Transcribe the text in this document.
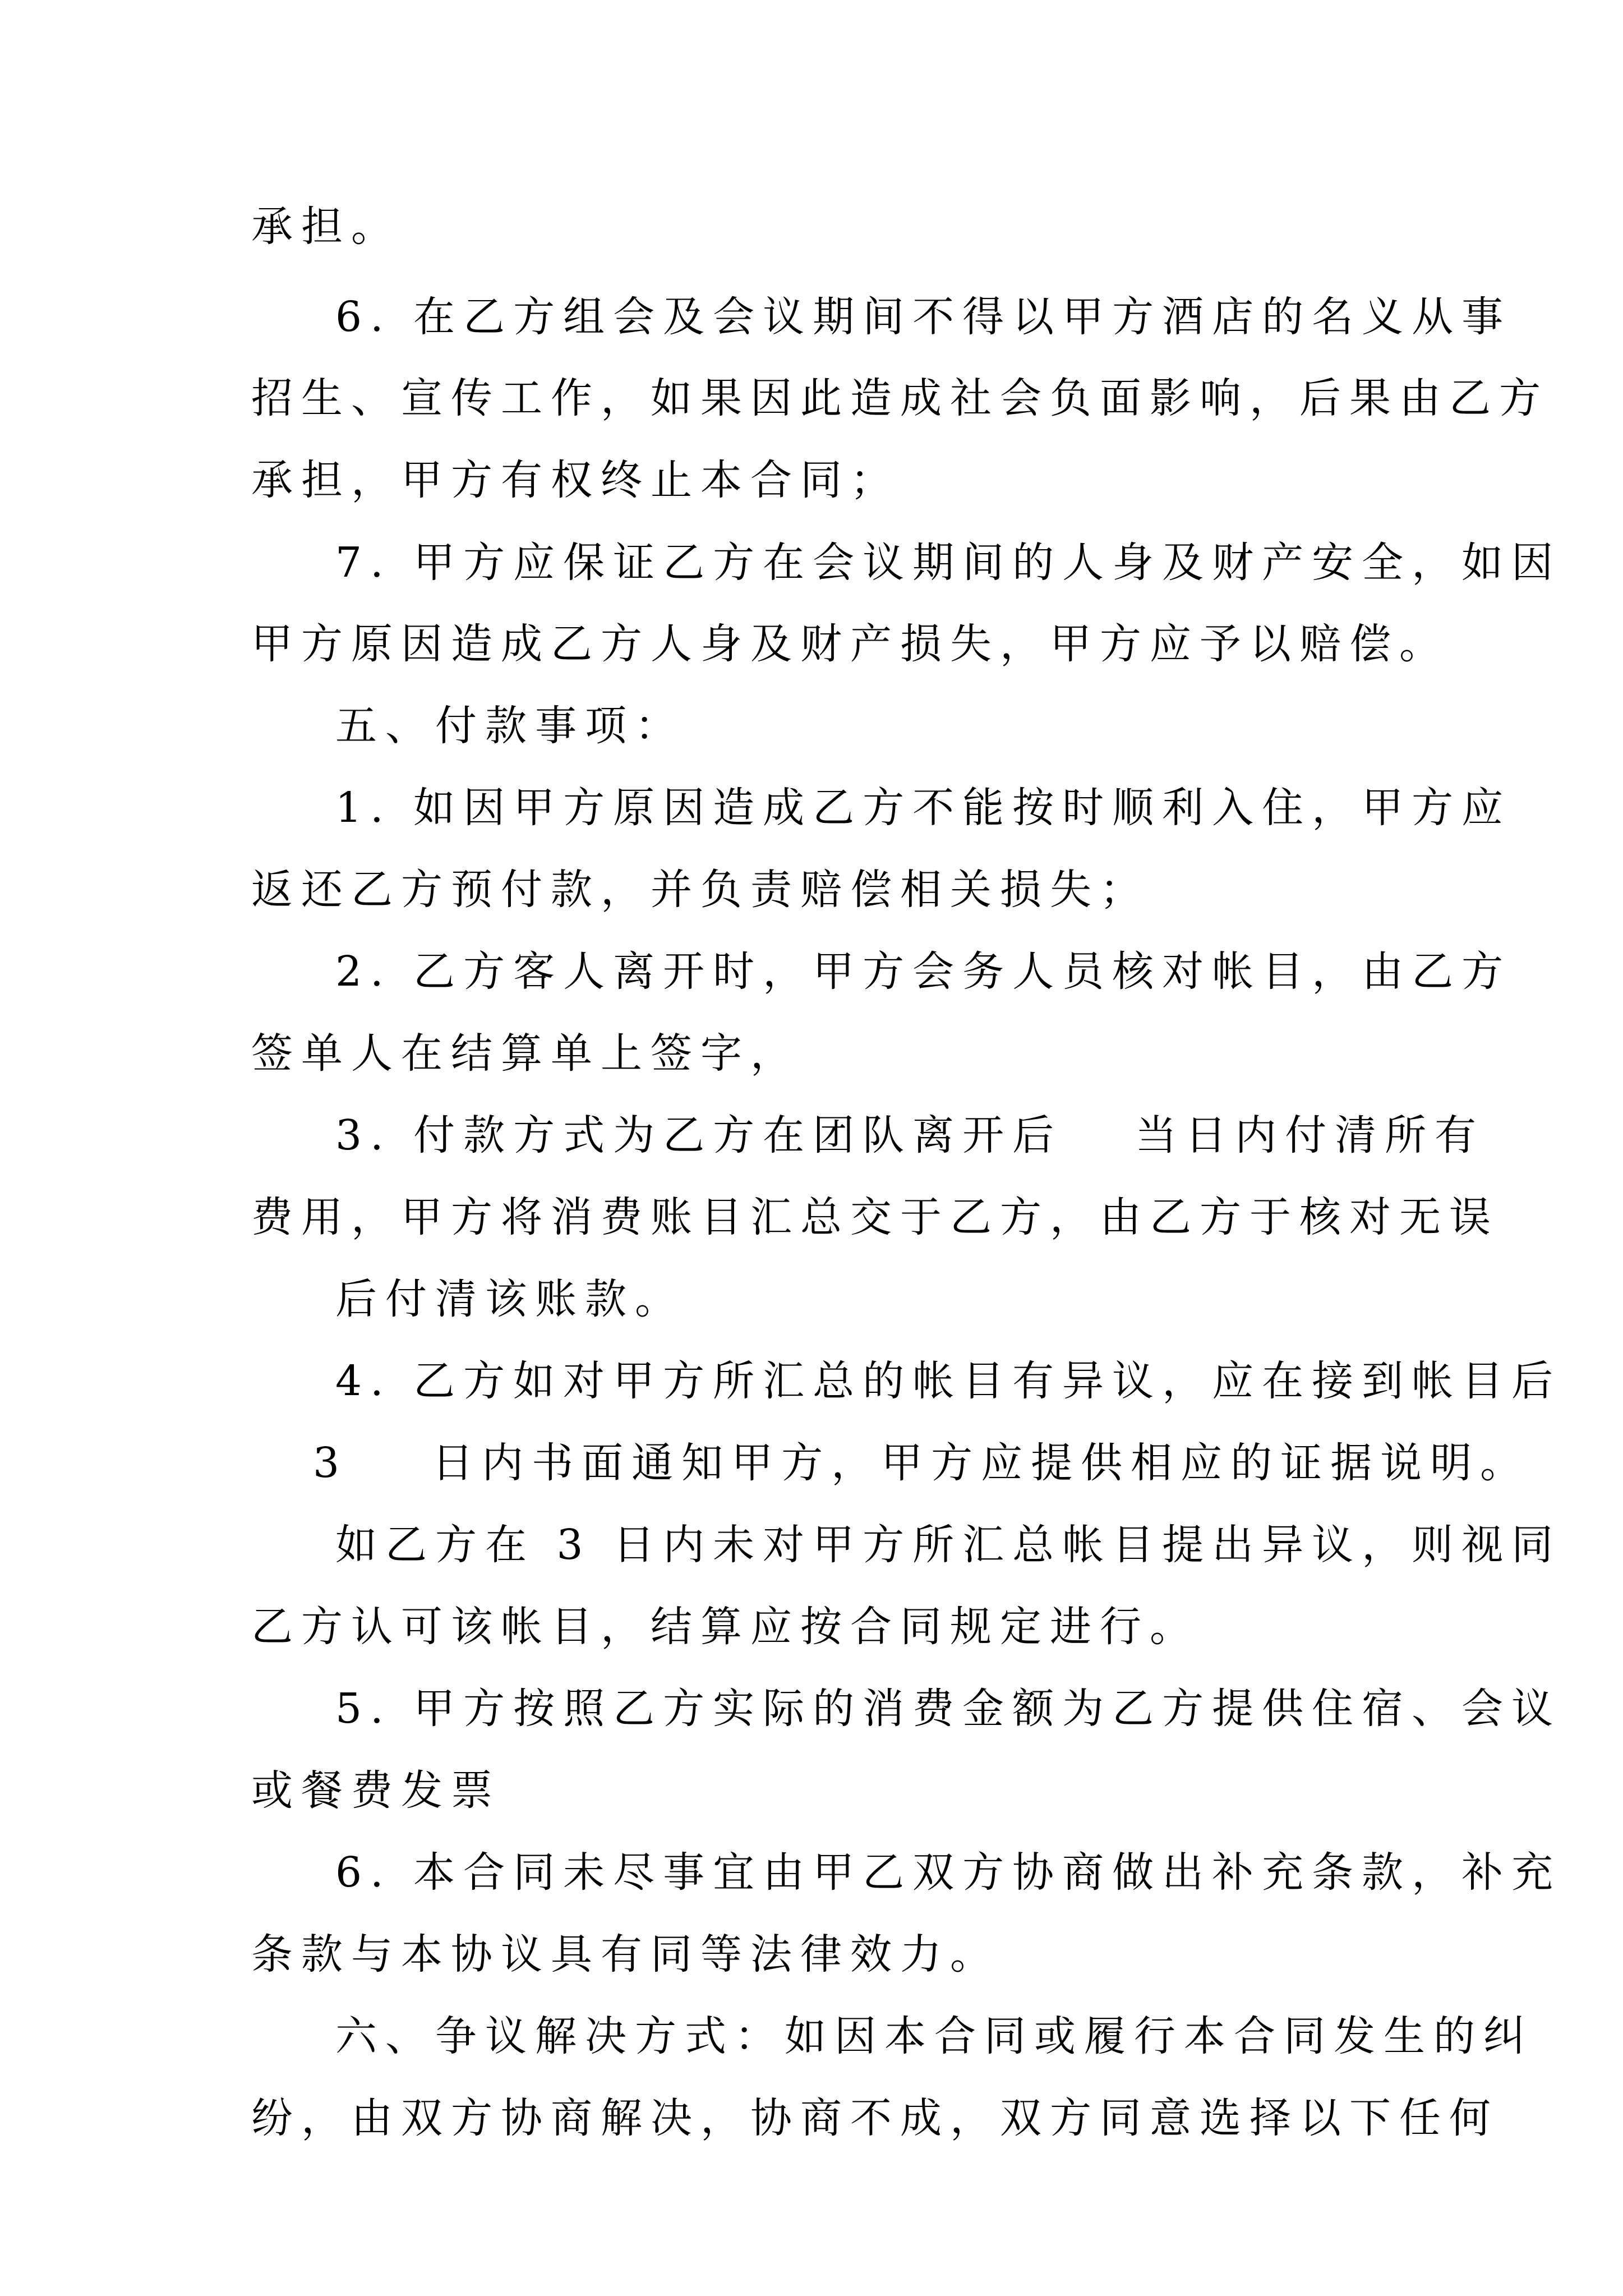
承担。
6. 在乙方组会及会议期间不得以甲方酒店的名义从事
招生、宣传工作，如果因此造成社会负面影响，后果由乙方
承担，甲方有权终止本合同；
7. 甲方应保证乙方在会议期间的人身及财产安全，如因
甲方原因造成乙方人身及财产损失，甲方应予以赔偿。
五、付款事项：
1. 如因甲方原因造成乙方不能按时顺利入住，甲方应
返还乙方预付款，并负责赔偿相关损失；
2. 乙方客人离开时，甲方会务人员核对帐目，由乙方
签单人在结算单上签字，
3. 付款方式为乙方在团队离开后 当日内付清所有
费用，甲方将消费账目汇总交于乙方，由乙方于核对无误
后付清该账款。
4. 乙方如对甲方所汇总的帐目有异议，应在接到帐目后
3 日内书面通知甲方，甲方应提供相应的证据说明。
如乙方在 3 日内未对甲方所汇总帐目提出异议，则视同
乙方认可该帐目，结算应按合同规定进行。
5. 甲方按照乙方实际的消费金额为乙方提供住宿、会议
或餐费发票
6. 本合同未尽事宜由甲乙双方协商做出补充条款，补充
条款与本协议具有同等法律效力。
六、争议解决方式：如因本合同或履行本合同发生的纠
纷，由双方协商解决，协商不成，双方同意选择以下任何
